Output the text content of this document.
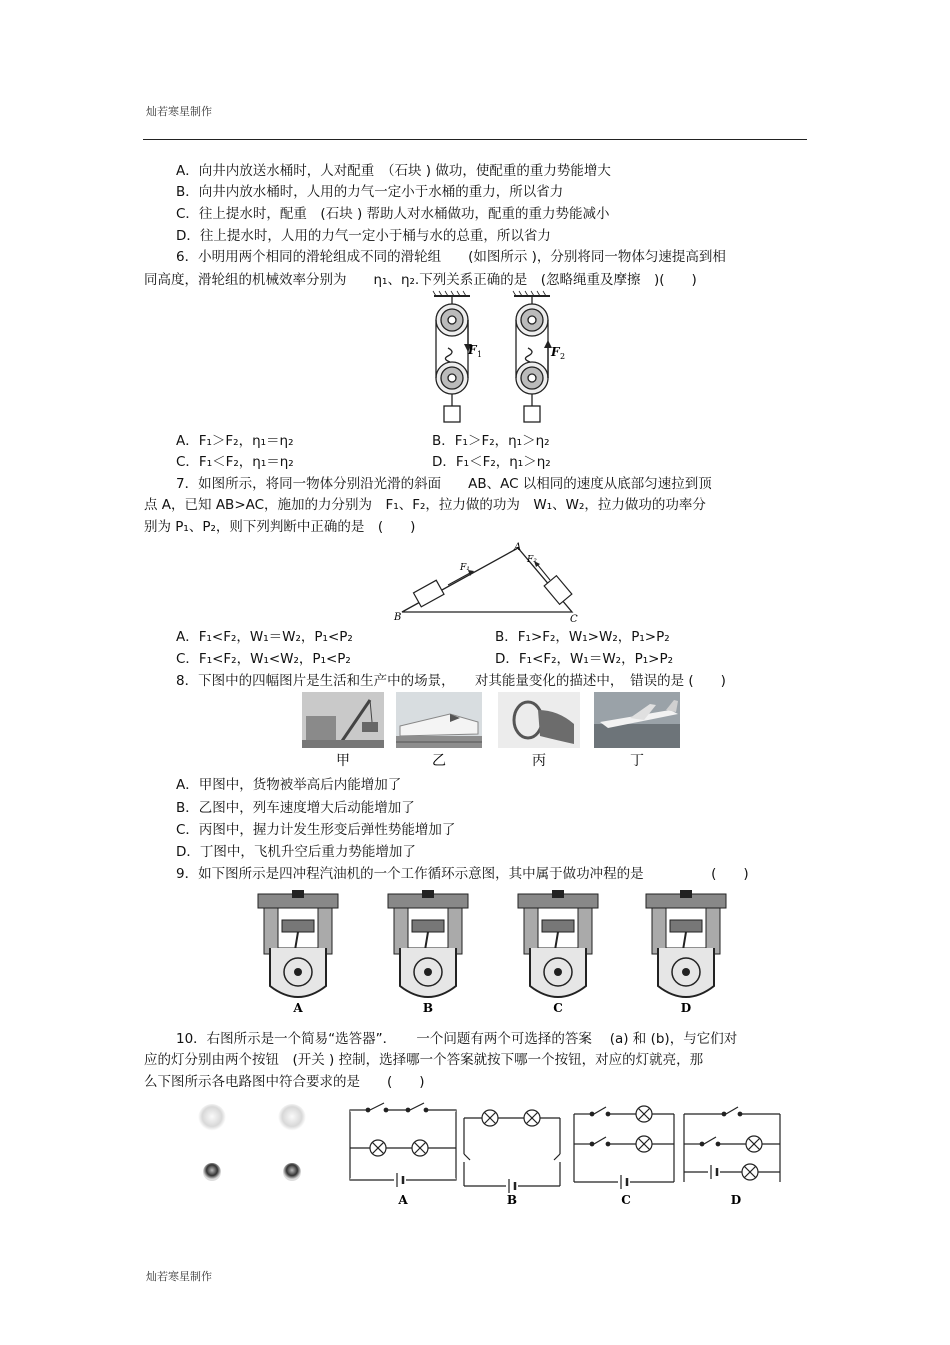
灿若寒星制作
灿若寒星制作
A．向井内放送水桶时，人对配重　（石块 ) 做功，使配重的重力势能增大
B．向井内放水桶时，人用的力气一定小于水桶的重力，所以省力
C．往上提水时，配重　(石块 ) 帮助人对水桶做功，配重的重力势能减小
D．往上提水时，人用的力气一定小于桶与水的总重，所以省力
6．小明用两个相同的滑轮组成不同的滑轮组　　(如图所示 )，分别将同一物体匀速提高到相
同高度，滑轮组的机械效率分别为　　η₁、η₂.下列关系正确的是　(忽略绳重及摩擦　)(　　)
F 1	F 2
A．F₁＞F₂，η₁＝η₂	B．F₁＞F₂，η₁＞η₂
C．F₁＜F₂，η₁＝η₂	D．F₁＜F₂，η₁＞η₂
7．如图所示，将同一物体分别沿光滑的斜面　　AB、AC 以相同的速度从底部匀速拉到顶
点 A，已知 AB>AC，施加的力分别为　F₁、F₂，拉力做的功为　W₁、W₂，拉力做功的功率分
别为 P₁、P₂，则下列判断中正确的是　(　　)
A
B	C
F₁
F₂
A．F₁<F₂，W₁＝W₂，P₁<P₂	B．F₁>F₂，W₁>W₂，P₁>P₂
C．F₁<F₂，W₁<W₂，P₁<P₂	D．F₁<F₂，W₁＝W₂，P₁>P₂
8．下图中的四幅图片是生活和生产中的场景，　　对其能量变化的描述中，　错误的是 (　　)
甲	乙	丙	丁
A．甲图中，货物被举高后内能增加了
B．乙图中，列车速度增大后动能增加了
C．丙图中，握力计发生形变后弹性势能增加了
D．丁图中，飞机升空后重力势能增加了
9．如下图所示是四冲程汽油机的一个工作循环示意图，其中属于做功冲程的是　　　　　(　　)
A	B	C	D
10．右图所示是一个简易“选答器”．　　一个问题有两个可选择的答案　 (a) 和 (b)，与它们对
应的灯分别由两个按钮　(开关 ) 控制，选择哪一个答案就按下哪一个按钮，对应的灯就亮，那
么下图所示各电路图中符合要求的是　　(　　)
A	B	C	D
